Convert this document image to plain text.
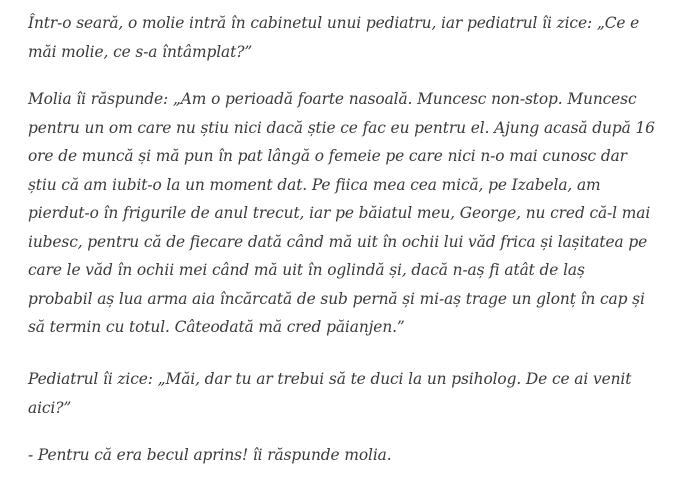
Într-o seară, o molie intră în cabinetul unui pediatru, iar pediatrul îi zice: „Ce e
măi molie, ce s-a întâmplat?”

Molia îi răspunde: „Am o perioadă foarte nasoală. Muncesc non-stop. Muncesc
pentru un om care nu știu nici dacă știe ce fac eu pentru el. Ajung acasă după 16
ore de muncă și mă pun în pat lângă o femeie pe care nici n-o mai cunosc dar
știu că am iubit-o la un moment dat. Pe fiica mea cea mică, pe Izabela, am
pierdut-o în frigurile de anul trecut, iar pe băiatul meu, George, nu cred că-l mai
iubesc, pentru că de fiecare dată când mă uit în ochii lui văd frica și lașitatea pe
care le văd în ochii mei când mă uit în oglindă și, dacă n-aș fi atât de laș
probabil aș lua arma aia încărcată de sub pernă și mi-aș trage un glonț în cap și
să termin cu totul. Câteodată mă cred păianjen.”

Pediatrul îi zice: „Măi, dar tu ar trebui să te duci la un psiholog. De ce ai venit
aici?”

- Pentru că era becul aprins! îi răspunde molia.
